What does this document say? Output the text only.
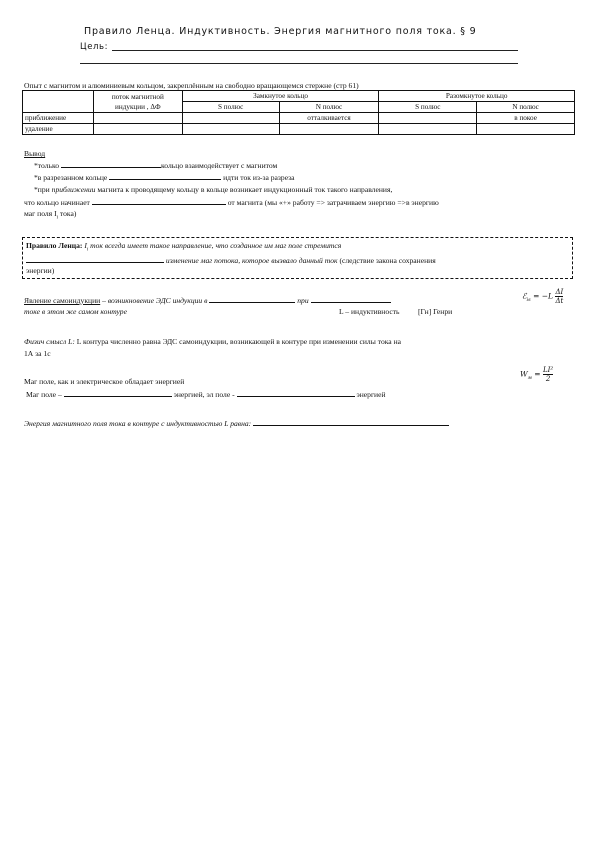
Правило Ленца. Индуктивность. Энергия магнитного поля тока. § 9
Цель:
Опыт с магнитом и алюминиевым кольцом, закреплённым на свободно вращающемся стержне (стр 61)
	поток магнитной
индукции , ΔФ	Замкнутое кольцо		Разомкнутое кольцо	
		S полюс	N полюс	S полюс	N полюс
приближение			отталкивается		в покое
удаление					
Вывод
*только	кольцо взаимодействует с магнитом
*в разрезанном кольце	идти ток из-за разреза
*при приближении магнита к проводящему кольцу в кольце возникает индукционный ток такого направления,
что кольцо начинает	от магнита (мы «+» работу => затрачиваем энергию =>в энергию
маг поля $I_i$ тока)
Правило Ленца: $I_i$ ток всегда имеет такое направление, что созданное им маг поле стремится
изменение маг потока, которое вызвало данный ток (следствие закона сохранения
энергии)
Явление самоиндукции – возникновение ЭДС индукции в	при
токе в этом же самом контуре	L – индуктивность [Гн] Генри
ℰ$_{is}$ = $-L \frac{\Delta I}{\Delta t}$
Физич смысл L: L контура численно равна ЭДС самоиндукции, возникающей в контуре при изменении силы тока на
1А за 1с
Маг поле, как и электрическое обладает энергией
Маг поле –	энергией, эл поле -	энергией
$W_м = \frac{\text{LI²}}{2}$
Энергия магнитного поля тока в контуре с индуктивностью L равна:
